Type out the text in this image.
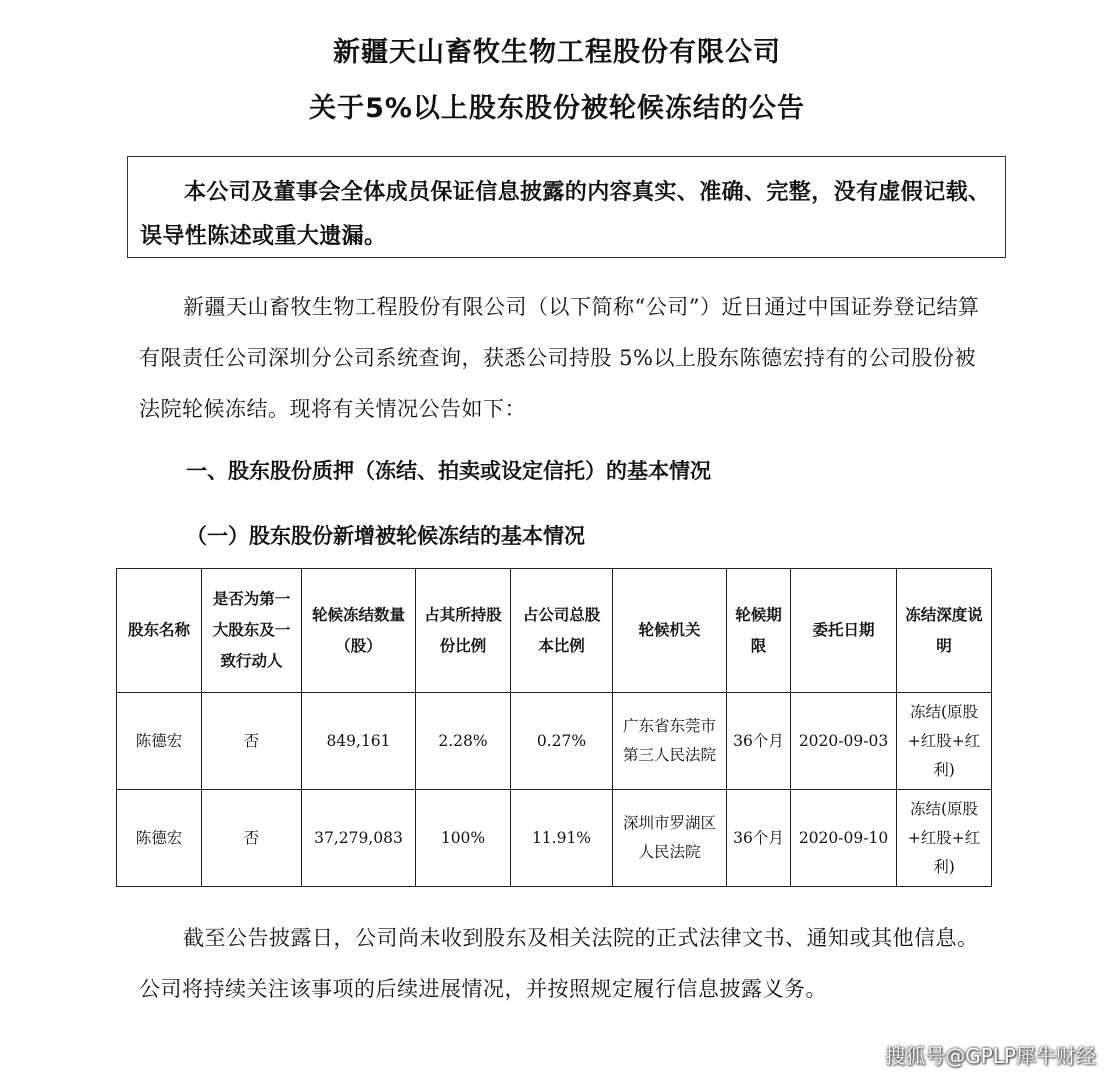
新疆天山畜牧生物工程股份有限公司
关于5%以上股东股份被轮候冻结的公告
本公司及董事会全体成员保证信息披露的内容真实、准确、完整，没有虚假记载、误导性陈述或重大遗漏。
新疆天山畜牧生物工程股份有限公司（以下简称“公司”）近日通过中国证券登记结算有限责任公司深圳分公司系统查询，获悉公司持股 5%以上股东陈德宏持有的公司股份被法院轮候冻结。现将有关情况公告如下：
一、股东股份质押（冻结、拍卖或设定信托）的基本情况
（一）股东股份新增被轮候冻结的基本情况
股东名称	是否为第一大股东及一致行动人	轮候冻结数量（股）	占其所持股份比例	占公司总股本比例	轮候机关	轮候期限	委托日期	冻结深度说明
陈德宏	否	849,161	2.28%	0.27%	广东省东莞市第三人民法院	36个月	2020-09-03	冻结(原股+红股+红利)
陈德宏	否	37,279,083	100%	11.91%	深圳市罗湖区人民法院	36个月	2020-09-10	冻结(原股+红股+红利)
截至公告披露日，公司尚未收到股东及相关法院的正式法律文书、通知或其他信息。公司将持续关注该事项的后续进展情况，并按照规定履行信息披露义务。
搜狐号@GPLP犀牛财经
